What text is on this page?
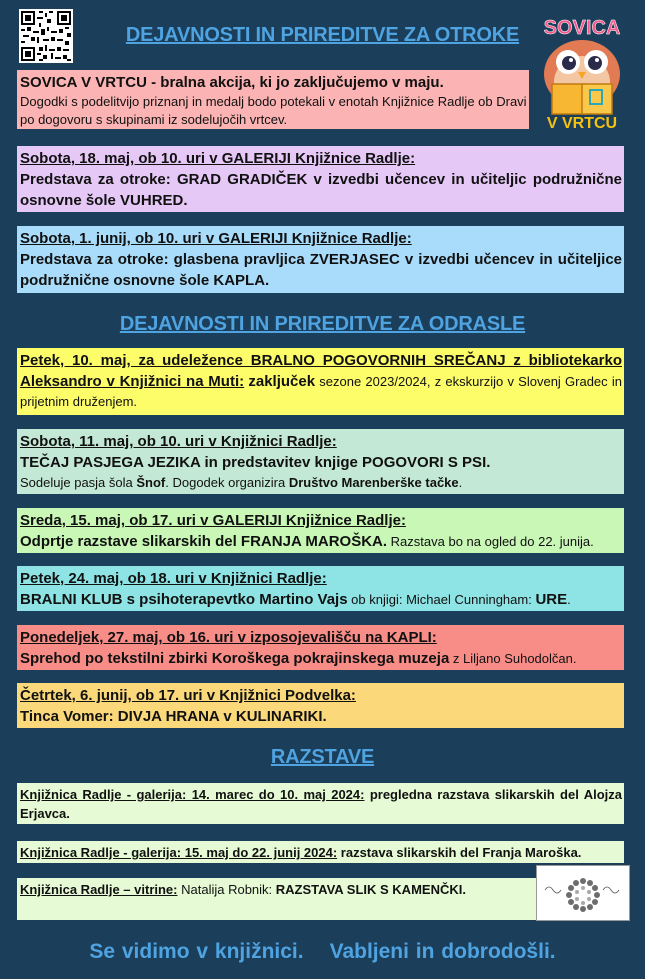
DEJAVNOSTI IN PRIREDITVE ZA OTROKE	SOVICA
V VRTCU
SOVICA V VRTCU - bralna akcija, ki jo zaključujemo v maju.
Dogodki s podelitvijo priznanj in medalj bodo potekali v enotah Knjižnice Radlje ob Dravi po dogovoru s skupinami iz sodelujočih vrtcev.
Sobota, 18. maj, ob 10. uri v GALERIJI Knjižnice Radlje:
Predstava za otroke: GRAD GRADIČEK v izvedbi učencev in učiteljic podružnične osnovne šole VUHRED.
Sobota, 1. junij, ob 10. uri v GALERIJI Knjižnice Radlje:
Predstava za otroke: glasbena pravljica ZVERJASEC v izvedbi učencev in učiteljice podružnične osnovne šole KAPLA.
DEJAVNOSTI IN PRIREDITVE ZA ODRASLE
Petek, 10. maj, za udeležence BRALNO POGOVORNIH SREČANJ z bibliotekarko Aleksandro v Knjižnici na Muti: zaključek sezone 2023/2024, z ekskurzijo v Slovenj Gradec in prijetnim druženjem.
Sobota, 11. maj, ob 10. uri v Knjižnici Radlje:
TEČAJ PASJEGA JEZIKA in predstavitev knjige POGOVORI S PSI.
Sodeluje pasja šola Šnof. Dogodek organizira Društvo Marenberške tačke.
Sreda, 15. maj, ob 17. uri v GALERIJI Knjižnice Radlje:
Odprtje razstave slikarskih del FRANJA MAROŠKA. Razstava bo na ogled do 22. junija.
Petek, 24. maj, ob 18. uri v Knjižnici Radlje:
BRALNI KLUB s psihoterapevtko Martino Vajs ob knjigi: Michael Cunningham: URE.
Ponedeljek, 27. maj, ob 16. uri v izposojevališču na KAPLI:
Sprehod po tekstilni zbirki Koroškega pokrajinskega muzeja z Liljano Suhodolčan.
Četrtek, 6. junij, ob 17. uri v Knjižnici Podvelka:
Tinca Vomer: DIVJA HRANA v KULINARIKI.
RAZSTAVE
Knjižnica Radlje - galerija: 14. marec do 10. maj 2024: pregledna razstava slikarskih del Alojza Erjavca.
Knjižnica Radlje - galerija: 15. maj do 22. junij 2024: razstava slikarskih del Franja Maroška.
Knjižnica Radlje – vitrine: Natalija Robnik: RAZSTAVA SLIK S KAMENČKI.
Se vidimo v knjižnici. Vabljeni in dobrodošli.
